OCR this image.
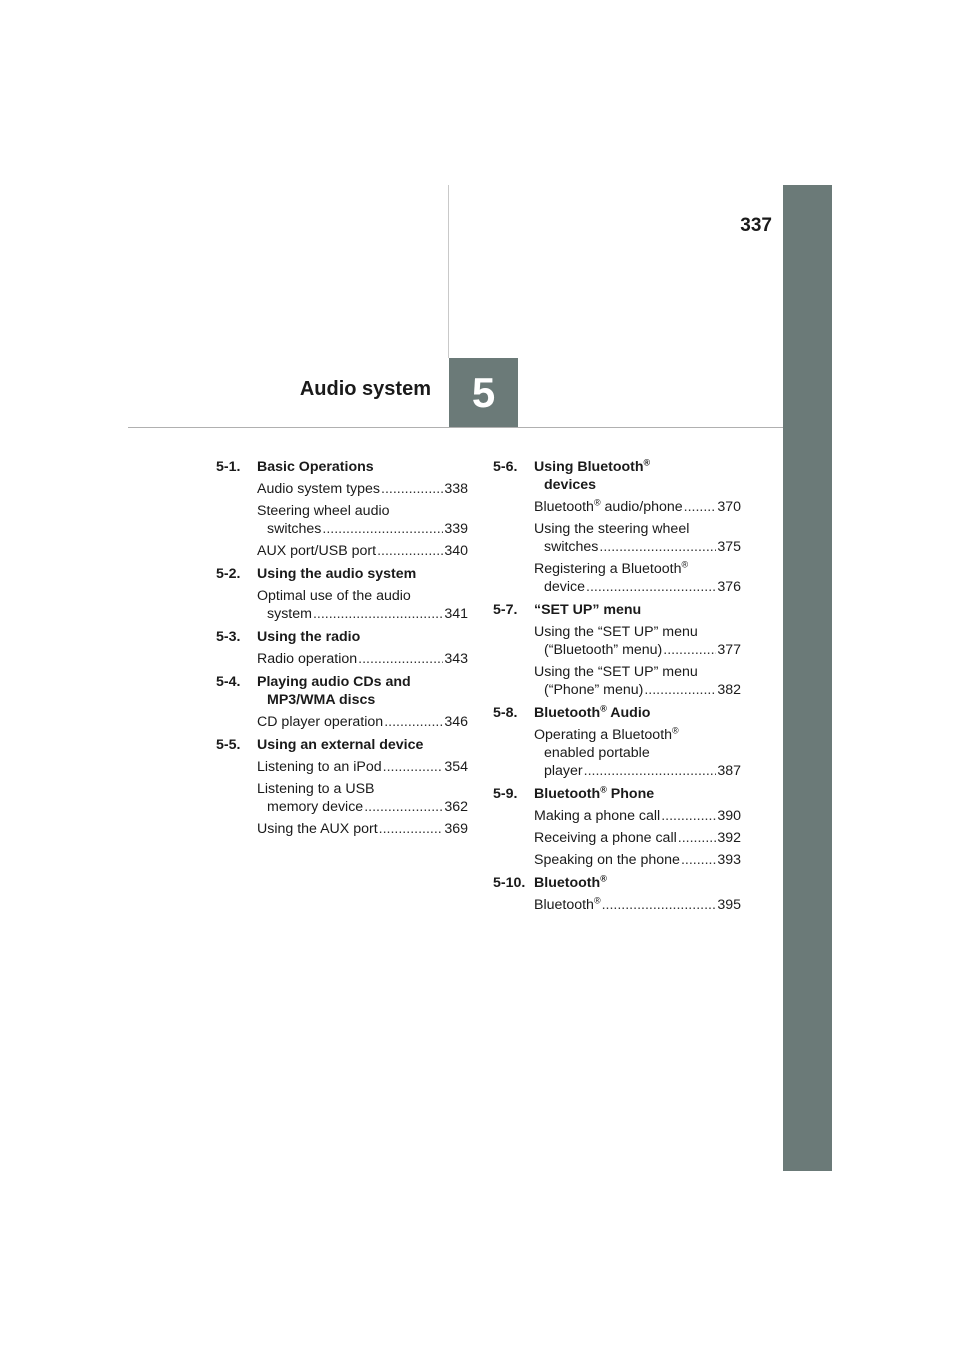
337
Audio system 5
5-1.	Basic Operations
Audio system types .....	338
Steering wheel audio
switches .....	339
AUX port/USB port .....	340
5-2.	Using the audio system
Optimal use of the audio
system .....	341
5-3.	Using the radio
Radio operation .....	343
5-4.	Playing audio CDs and
MP3/WMA discs
CD player operation .....	346
5-5.	Using an external device
Listening to an iPod .....	354
Listening to a USB
memory device .....	362
Using the AUX port .....	369
5-6.	Using Bluetooth®
devices
Bluetooth® audio/phone ..... 370
Using the steering wheel
switches .....	375
Registering a Bluetooth®
device .....	376
5-7.	“SET UP” menu
Using the “SET UP” menu
(“Bluetooth” menu) .....	377
Using the “SET UP” menu
(“Phone” menu) .....	382
5-8.	Bluetooth® Audio
Operating a Bluetooth®
enabled portable
player .....	387
5-9.	Bluetooth® Phone
Making a phone call .....	390
Receiving a phone call .....	392
Speaking on the phone .....	393
5-10. Bluetooth®
Bluetooth® .....	395
